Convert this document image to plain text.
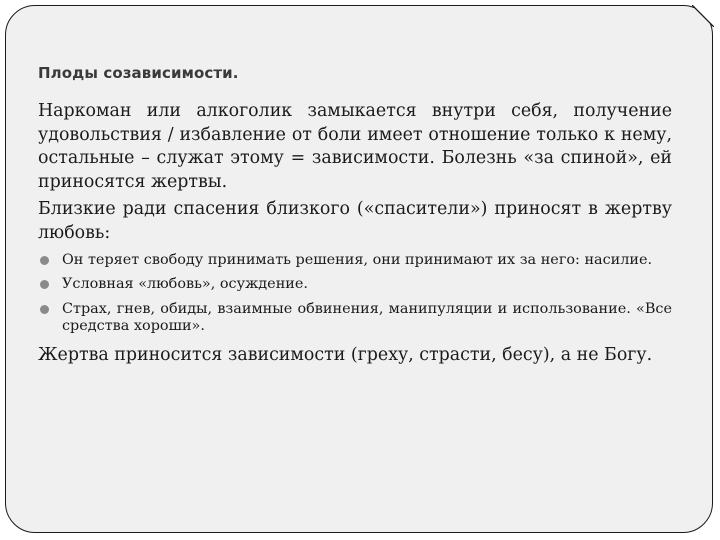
Плоды созависимости.

Наркоман или алкоголик замыкается внутри себя, получение удовольствия / избавление от боли имеет отношение только к нему, остальные – служат этому = зависимости. Болезнь «за спиной», ей приносятся жертвы.

Близкие ради спасения близкого («спасители») приносят в жертву любовь:

Он теряет свободу принимать решения, они принимают их за него: насилие.
Условная «любовь», осуждение.
Страх, гнев, обиды, взаимные обвинения, манипуляции и использование. «Все средства хороши».

Жертва приносится зависимости (греху, страсти, бесу), а не Богу.
